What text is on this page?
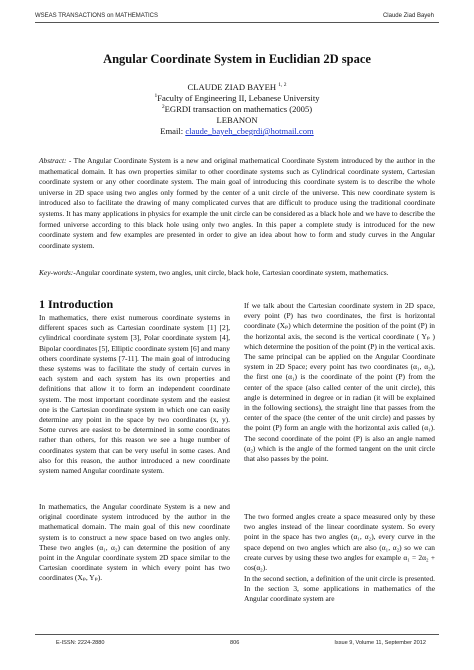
WSEAS TRANSACTIONS on MATHEMATICS	Claude Ziad Bayeh
Angular Coordinate System in Euclidian 2D space
CLAUDE ZIAD BAYEH $^{1, 2}$
$^1$Faculty of Engineering II, Lebanese University
$^2$EGRDI transaction on mathematics (2005)
LEBANON
Email: claude_bayeh_cbegrdi@hotmail.com

Abstract: - The Angular Coordinate System is a new and original mathematical Coordinate System introduced by the author in the mathematical domain. It has own properties similar to other coordinate systems such as Cylindrical coordinate system, Cartesian coordinate system or any other coordinate system. The main goal of introducing this coordinate system is to describe the whole universe in 2D space using two angles only formed by the center of a unit circle of the universe. This new coordinate system is introduced also to facilitate the drawing of many complicated curves that are difficult to produce using the traditional coordinate systems. It has many applications in physics for example the unit circle can be considered as a black hole and we have to describe the formed universe according to this black hole using only two angles. In this paper a complete study is introduced for the new coordinate system and few examples are presented in order to give an idea about how to form and study curves in the Angular coordinate system.

Key-words:-Angular coordinate system, two angles, unit circle, black hole, Cartesian coordinate system, mathematics.

1 Introduction

In mathematics, there exist numerous coordinate systems in different spaces such as Cartesian coordinate system [1] [2], cylindrical coordinate system [3], Polar coordinate system [4], Bipolar coordinates [5], Elliptic coordinate system [6] and many others coordinate systems [7-11]. The main goal of introducing these systems was to facilitate the study of certain curves in each system and each system has its own properties and definitions that allow it to form an independent coordinate system. The most important coordinate system and the easiest one is the Cartesian coordinate system in which one can easily determine any point in the space by two coordinates (x, y). Some curves are easiest to be determined in some coordinates rather than others, for this reason we see a huge number of coordinates system that can be very useful in some cases. And also for this reason, the author introduced a new coordinate system named Angular coordinate system.

In mathematics, the Angular coordinate System is a new and original coordinate system introduced by the author in the mathematical domain. The main goal of this new coordinate system is to construct a new space based on two angles only. These two angles (α₁, α₂) can determine the position of any point in the Angular coordinate system 2D space similar to the Cartesian coordinate system in which every point has two coordinates (Xₚ, Yₚ).

If we talk about the Cartesian coordinate system in 2D space, every point (P) has two coordinates, the first is horizontal coordinate (Xₚ) which determine the position of the point (P) in the horizontal axis, the second is the vertical coordinate ( Yₚ ) which determine the position of the point (P) in the vertical axis. The same principal can be applied on the Angular Coordinate system in 2D Space; every point has two coordinates (α₁, α₂), the first one (α₁) is the coordinate of the point (P) from the center of the space (also called center of the unit circle), this angle is determined in degree or in radian (it will be explained in the following sections), the straight line that passes from the center of the space (the center of the unit circle) and passes by the point (P) form an angle with the horizontal axis called (α₁). The second coordinate of the point (P) is also an angle named (α₂) which is the angle of the formed tangent on the unit circle that also passes by the point.

The two formed angles create a space measured only by these two angles instead of the linear coordinate system. So every point in the space has two angles (α₁, α₂), every curve in the space depend on two angles which are also (α₁, α₂) so we can create curves by using these two angles for example α₁ = 2α₂ + cos(α₂).

In the second section, a definition of the unit circle is presented. In the section 3, some applications in mathematics of the Angular coordinate system are

E-ISSN: 2224-2880	806	Issue 9, Volume 11, September 2012
